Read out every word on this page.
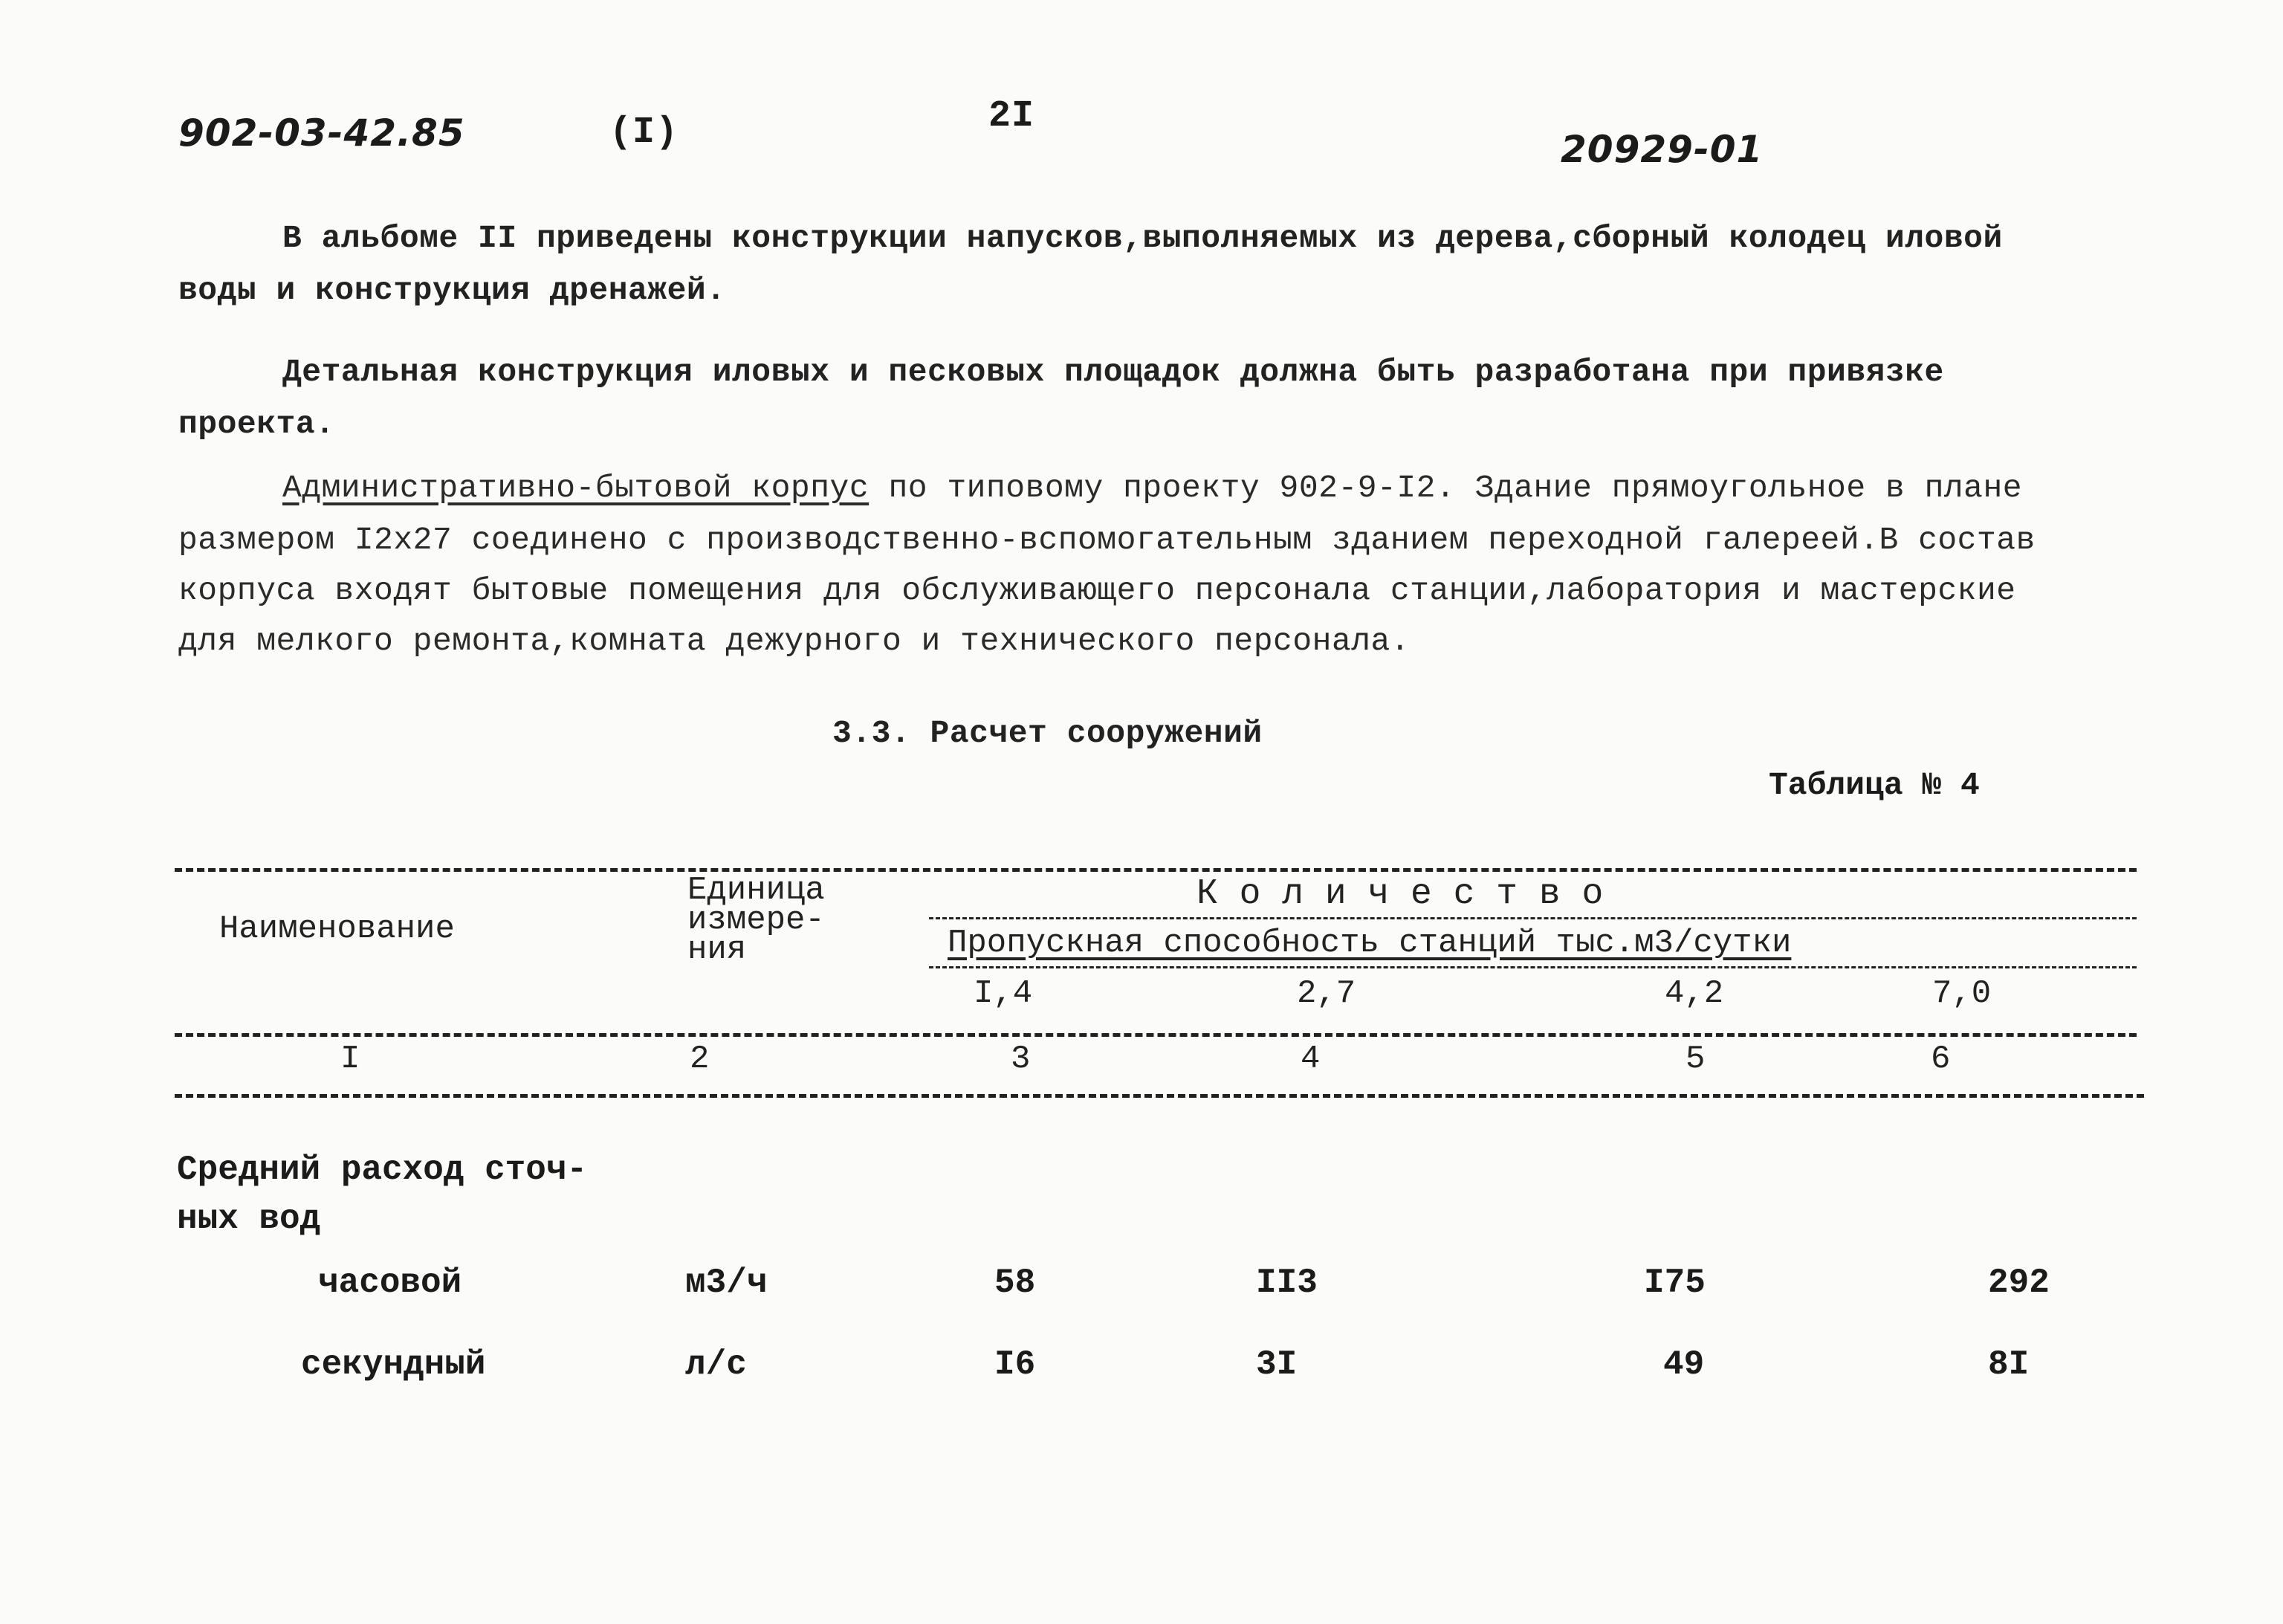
902-03-42.85	(I)	2I
20929-01
В альбоме II приведены конструкции напусков,выполняемых из дерева,сборный колодец иловой
воды и конструкция дренажей.
Детальная конструкция иловых и песковых площадок должна быть разработана при привязке
проекта.
Административно-бытовой корпус по типовому проекту 902-9-I2. Здание прямоугольное в плане
размером I2x27 соединено с производственно-вспомогательным зданием переходной галереей.В состав
корпуса входят бытовые помещения для обслуживающего персонала станции,лаборатория и мастерские
для мелкого ремонта,комната дежурного и технического персонала.
3.3. Расчет сооружений
Таблица № 4
Наименование
Единица
измере-
ния
К о л и ч е с т в о
Пропускная способность станций тыс.м3/сутки
I,4	2,7	4,2	7,0
I	2	3	4	5	6
Средний расход сточ-
ных вод
часовой	м3/ч	58	II3	I75	292
секундный	л/с	I6	3I	49	8I
